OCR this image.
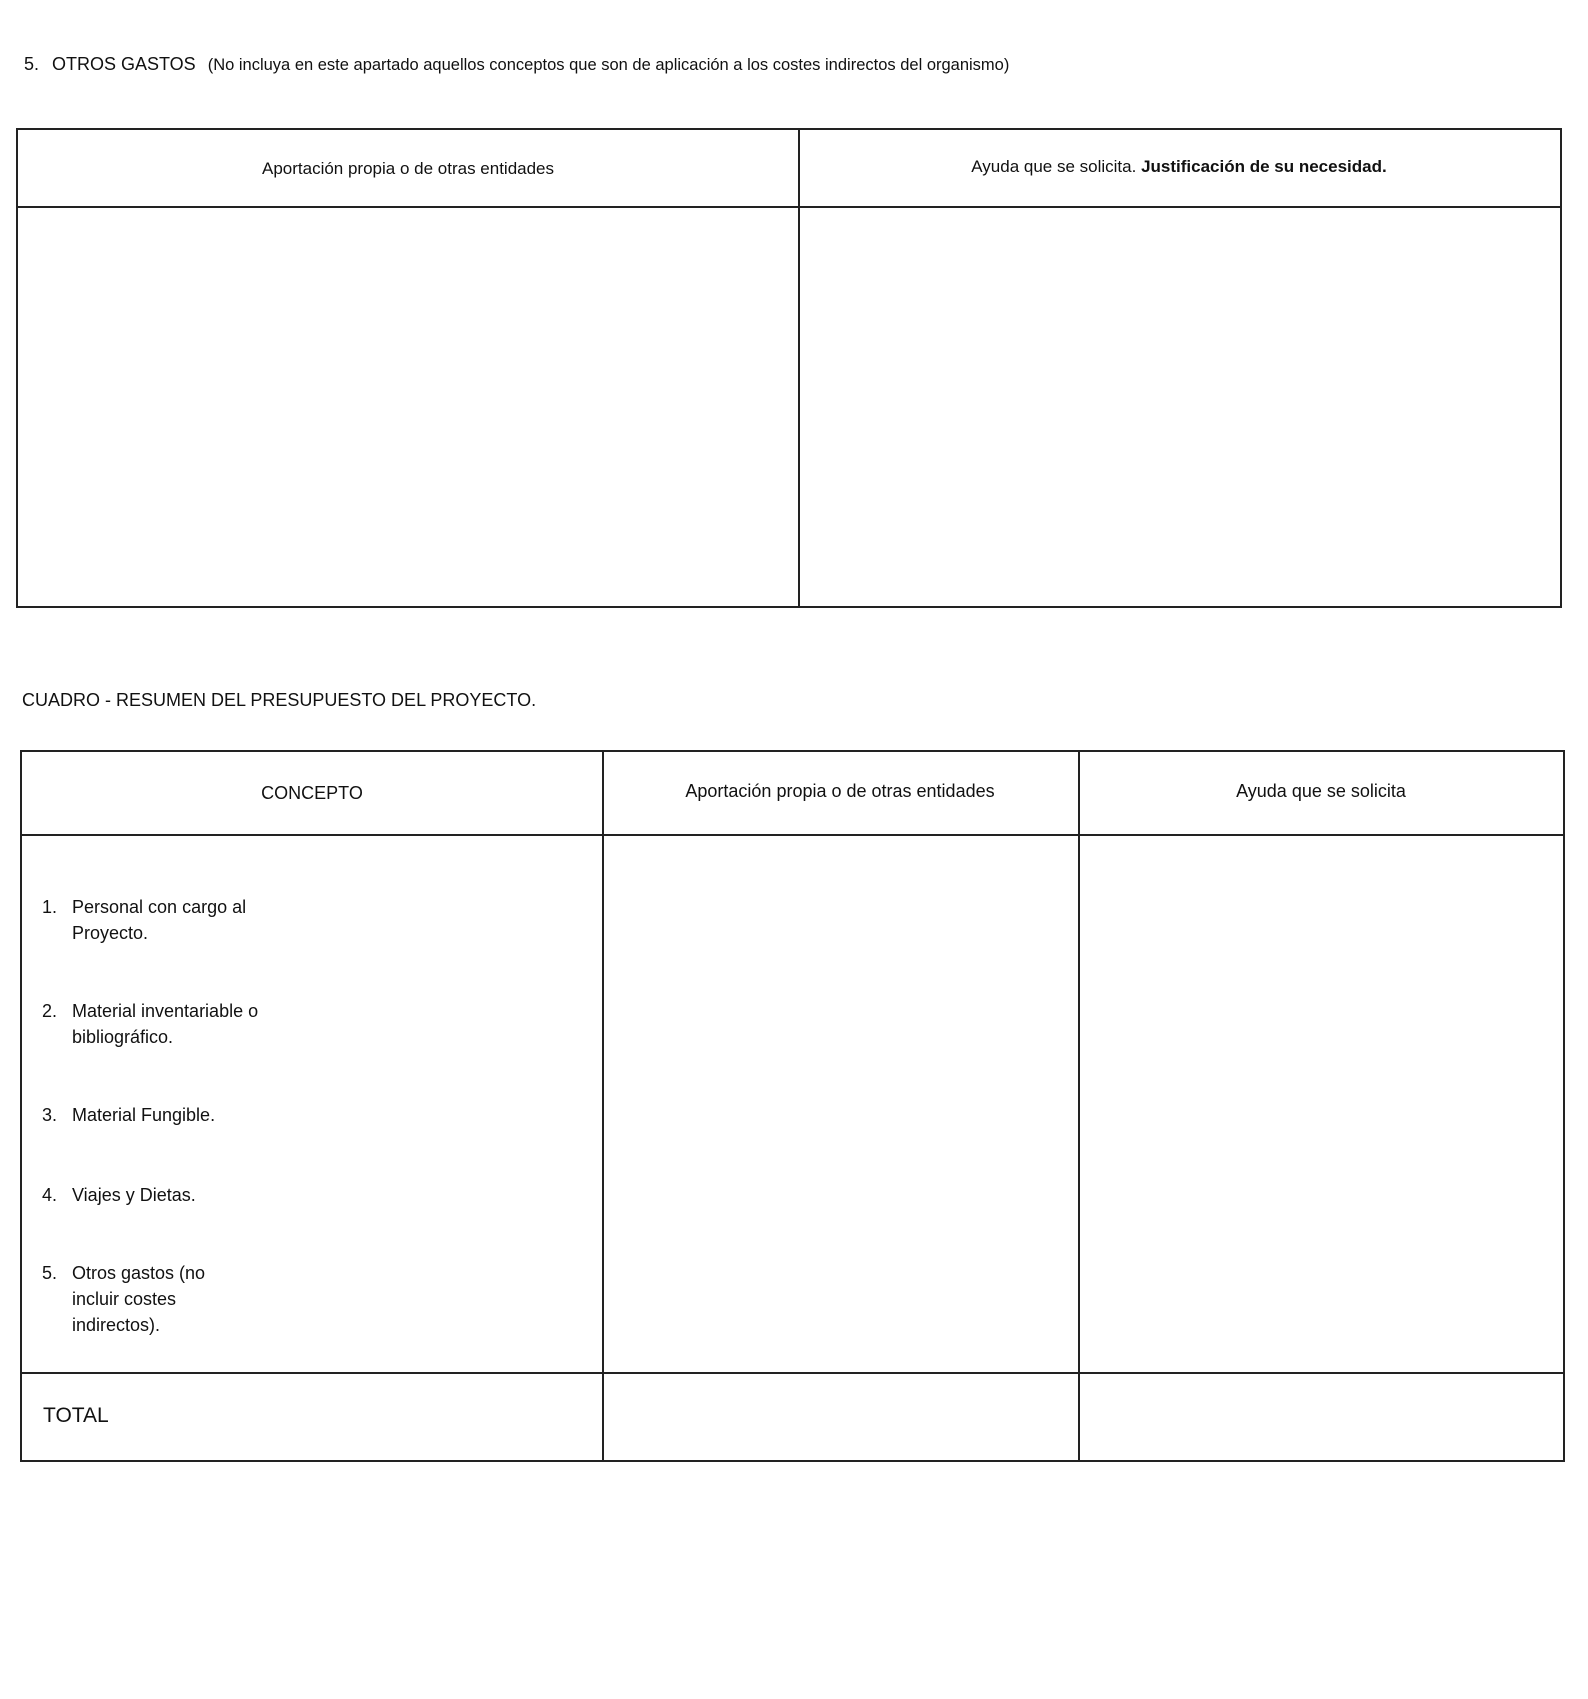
5. OTROS GASTOS (No incluya en este apartado aquellos conceptos que son de aplicación a los costes indirectos del organismo)
Aportación propia o de otras entidades	Ayuda que se solicita. Justificación de su necesidad.
CUADRO - RESUMEN DEL PRESUPUESTO DEL PROYECTO.
CONCEPTO	Aportación propia o de otras entidades	Ayuda que se solicita
1. Personal con cargo al Proyecto.
2. Material inventariable o bibliográfico.
3. Material Fungible.
4. Viajes y Dietas.
5. Otros gastos (no incluir costes indirectos).
TOTAL
